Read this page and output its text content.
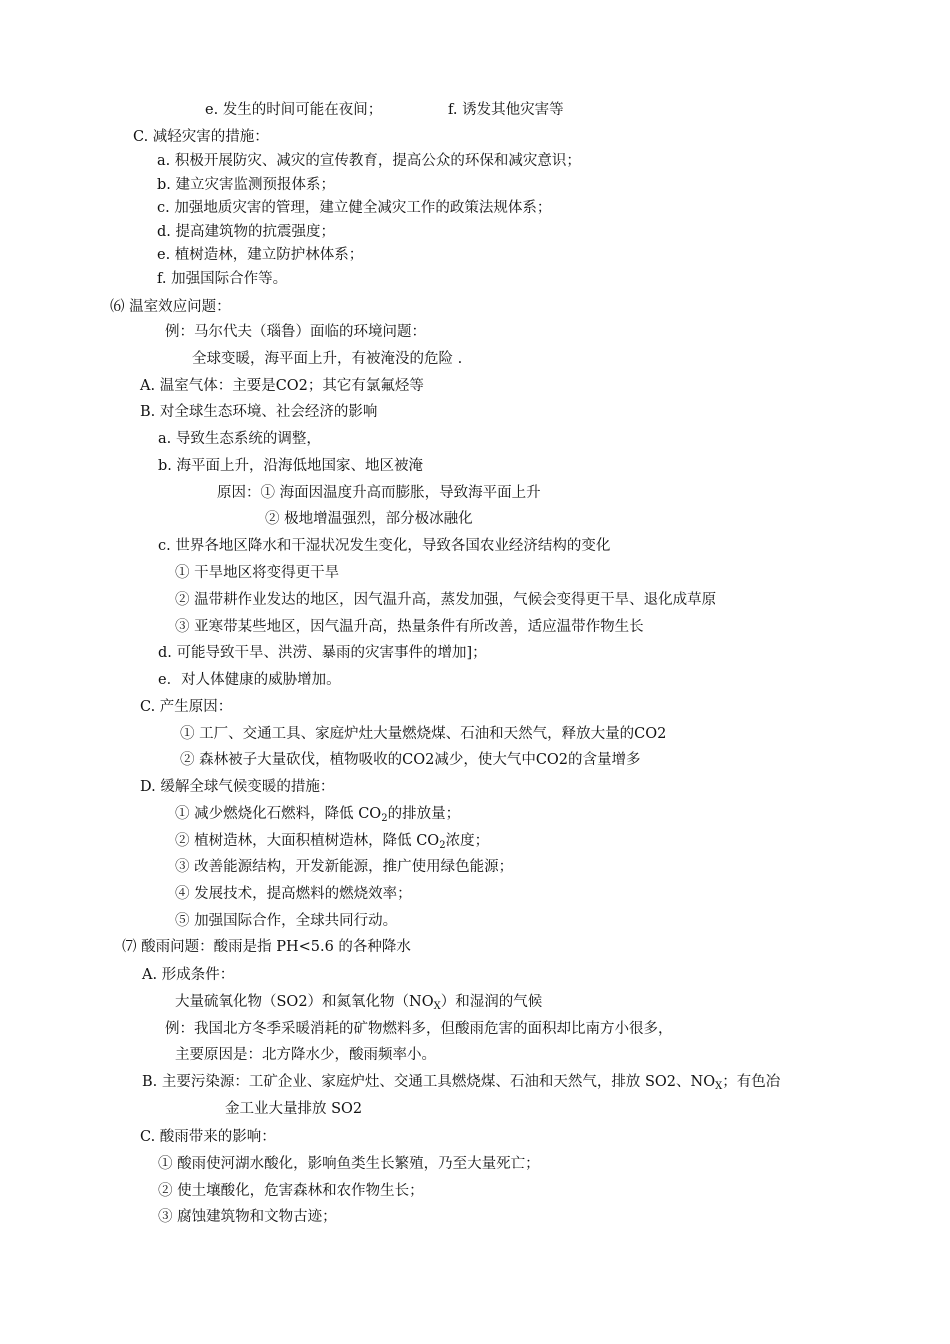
e. 发生的时间可能在夜间；	f. 诱发其他灾害等
C. 减轻灾害的措施：
a. 积极开展防灾、减灾的宣传教育，提高公众的环保和减灾意识；
b. 建立灾害监测预报体系；
c. 加强地质灾害的管理，建立健全减灾工作的政策法规体系；
d. 提高建筑物的抗震强度；
e. 植树造林，建立防护林体系；
f. 加强国际合作等。
⑹ 温室效应问题：
例：马尔代夫（瑙鲁）面临的环境问题：
全球变暖，海平面上升，有被淹没的危险 .
A. 温室气体：主要是CO2；其它有氯氟烃等
B. 对全球生态环境、社会经济的影响
a. 导致生态系统的调整，
b. 海平面上升，沿海低地国家、地区被淹
原因：① 海面因温度升高而膨胀，导致海平面上升
② 极地增温强烈，部分极冰融化
c. 世界各地区降水和干湿状况发生变化，导致各国农业经济结构的变化
① 干旱地区将变得更干旱
② 温带耕作业发达的地区，因气温升高，蒸发加强，气候会变得更干旱、退化成草原
③ 亚寒带某些地区，因气温升高，热量条件有所改善，适应温带作物生长
d. 可能导致干旱、洪涝、暴雨的灾害事件的增加]；
e．对人体健康的威胁增加。
C. 产生原因：
① 工厂、交通工具、家庭炉灶大量燃烧煤、石油和天然气，释放大量的CO2
② 森林被子大量砍伐，植物吸收的CO2减少，使大气中CO2的含量增多
D. 缓解全球气候变暖的措施：
① 减少燃烧化石燃料，降低 $CO_2$的排放量；
② 植树造林，大面积植树造林，降低 $CO_2$浓度；
③ 改善能源结构，开发新能源，推广使用绿色能源；
④ 发展技术，提高燃料的燃烧效率；
⑤ 加强国际合作，全球共同行动。
⑺ 酸雨问题：酸雨是指 PH<5.6 的各种降水
A. 形成条件：
大量硫氧化物（SO2）和氮氧化物$(NO_X)$和湿润的气候
例：我国北方冬季采暖消耗的矿物燃料多，但酸雨危害的面积却比南方小很多，
主要原因是：北方降水少，酸雨频率小。
B. 主要污染源：工矿企业、家庭炉灶、交通工具燃烧煤、石油和天然气，排放 SO2、$NO_X$；有色冶
金工业大量排放 SO2
C. 酸雨带来的影响：
① 酸雨使河湖水酸化，影响鱼类生长繁殖，乃至大量死亡；
② 使土壤酸化，危害森林和农作物生长；
③ 腐蚀建筑物和文物古迹；
